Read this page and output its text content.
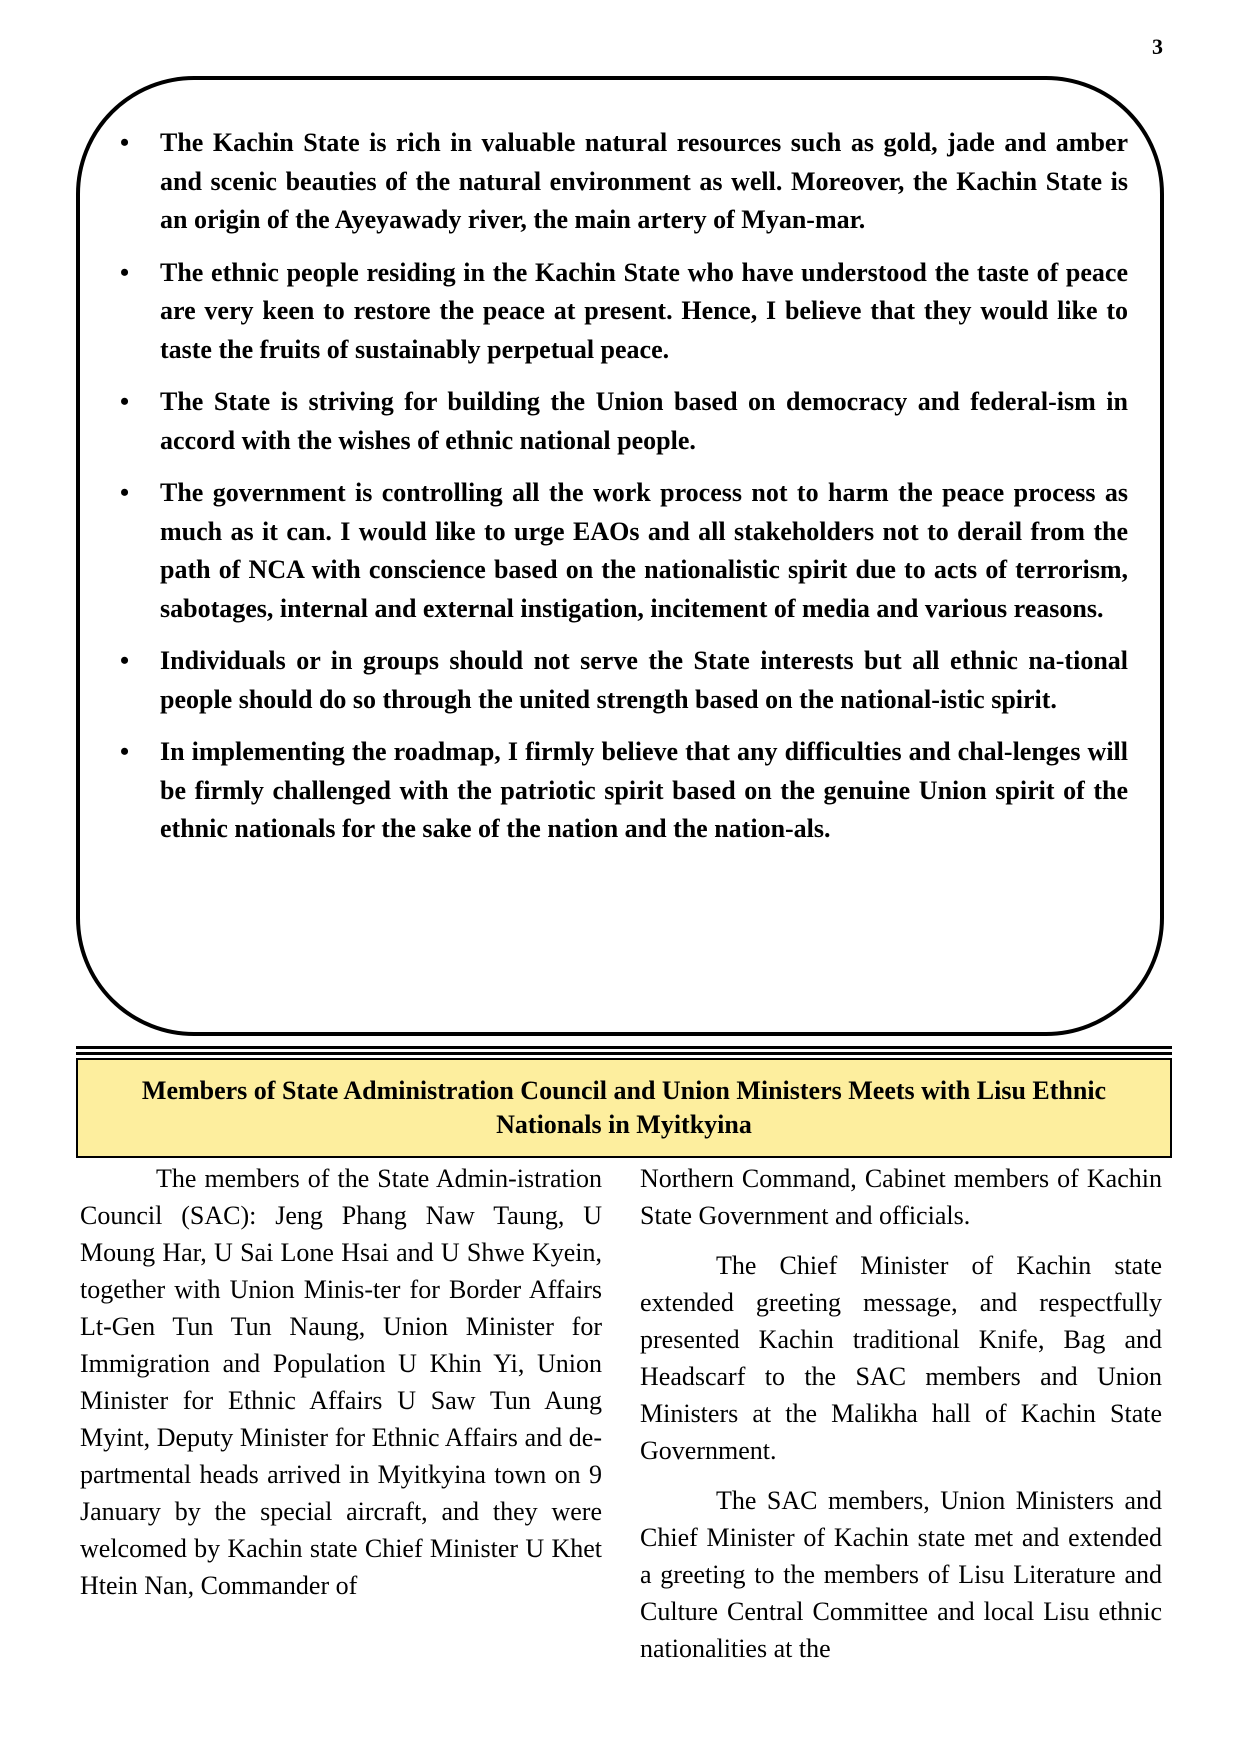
3
• The Kachin State is rich in valuable natural resources such as gold, jade and amber and scenic beauties of the natural environment as well. Moreover, the Kachin State is an origin of the Ayeyawady river, the main artery of Myan-mar.
• The ethnic people residing in the Kachin State who have understood the taste of peace are very keen to restore the peace at present. Hence, I believe that they would like to taste the fruits of sustainably perpetual peace.
• The State is striving for building the Union based on democracy and federal-ism in accord with the wishes of ethnic national people.
• The government is controlling all the work process not to harm the peace process as much as it can. I would like to urge EAOs and all stakeholders not to derail from the path of NCA with conscience based on the nationalistic spirit due to acts of terrorism, sabotages, internal and external instigation, incitement of media and various reasons.
• Individuals or in groups should not serve the State interests but all ethnic na-tional people should do so through the united strength based on the national-istic spirit.
• In implementing the roadmap, I firmly believe that any difficulties and chal-lenges will be firmly challenged with the patriotic spirit based on the genuine Union spirit of the ethnic nationals for the sake of the nation and the nation-als.
Members of State Administration Council and Union Ministers Meets with Lisu Ethnic Nationals in Myitkyina

The members of the State Admin-istration Council (SAC): Jeng Phang Naw Taung, U Moung Har, U Sai Lone Hsai and U Shwe Kyein, together with Union Minis-ter for Border Affairs Lt-Gen Tun Tun Naung, Union Minister for Immigration and Population U Khin Yi, Union Minister for Ethnic Affairs U Saw Tun Aung Myint, Deputy Minister for Ethnic Affairs and de-partmental heads arrived in Myitkyina town on 9 January by the special aircraft, and they were welcomed by Kachin state Chief Minister U Khet Htein Nan, Commander of

Northern Command, Cabinet members of Kachin State Government and officials.

The Chief Minister of Kachin state extended greeting message, and respectfully presented Kachin traditional Knife, Bag and Headscarf to the SAC members and Union Ministers at the Malikha hall of Kachin State Government.

The SAC members, Union Ministers and Chief Minister of Kachin state met and extended a greeting to the members of Lisu Literature and Culture Central Committee and local Lisu ethnic nationalities at the
